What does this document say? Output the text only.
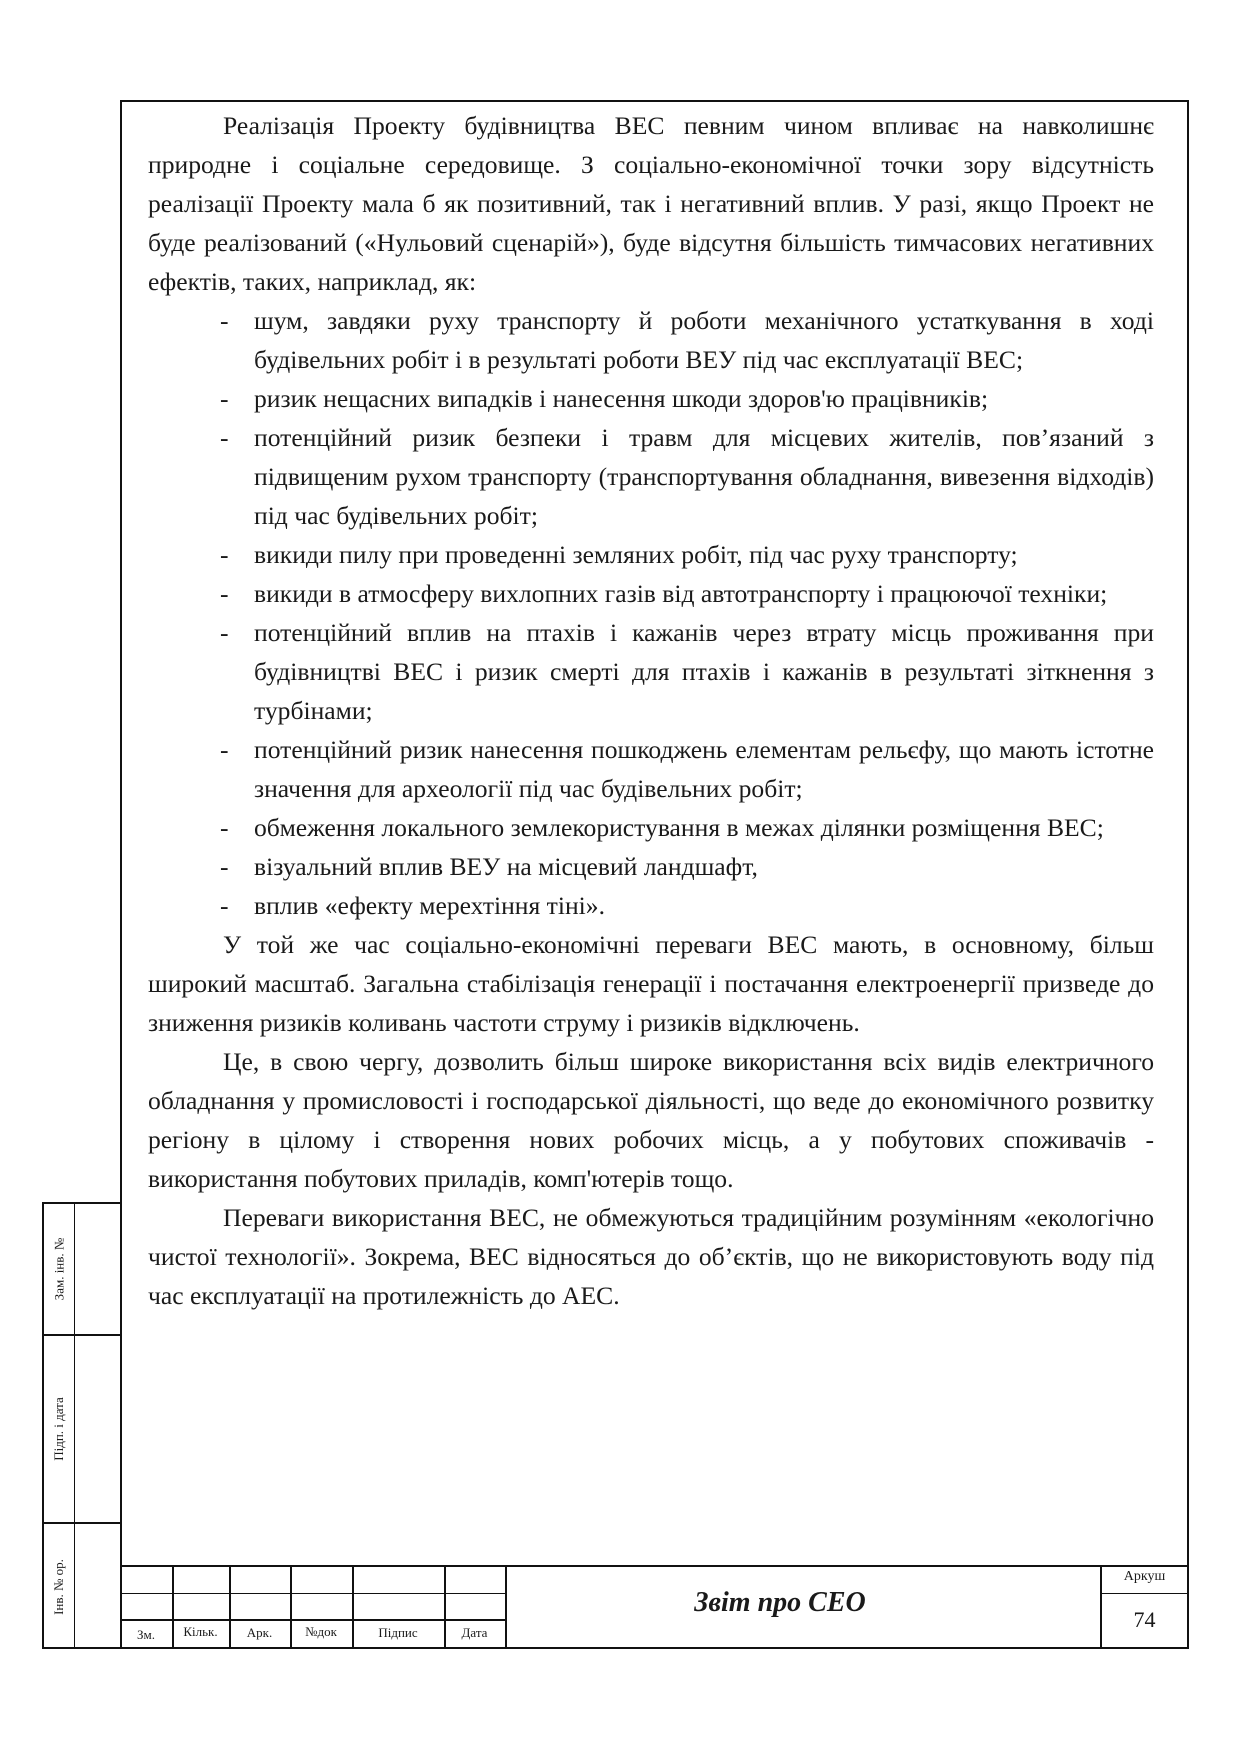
Реалізація Проекту будівництва ВЕС певним чином впливає на навколишнє природне і соціальне середовище. З соціально-економічної точки зору відсутність реалізації Проекту мала б як позитивний, так і негативний вплив. У разі, якщо Проект не буде реалізований («Нульовий сценарій»), буде відсутня більшість тимчасових негативних ефектів, таких, наприклад, як:

- шум, завдяки руху транспорту й роботи механічного устаткування в ході будівельних робіт і в результаті роботи ВЕУ під час експлуатації ВЕС;
- ризик нещасних випадків і нанесення шкоди здоров'ю працівників;
- потенційний ризик безпеки і травм для місцевих жителів, пов’язаний з підвищеним рухом транспорту (транспортування обладнання, вивезення відходів) під час будівельних робіт;
- викиди пилу при проведенні земляних робіт, під час руху транспорту;
- викиди в атмосферу вихлопних газів від автотранспорту і працюючої техніки;
- потенційний вплив на птахів і кажанів через втрату місць проживання при будівництві ВЕС і ризик смерті для птахів і кажанів в результаті зіткнення з турбінами;
- потенційний ризик нанесення пошкоджень елементам рельєфу, що мають істотне значення для археології під час будівельних робіт;
- обмеження локального землекористування в межах ділянки розміщення ВЕС;
- візуальний вплив ВЕУ на місцевий ландшафт,
- вплив «ефекту мерехтіння тіні».

У той же час соціально-економічні переваги ВЕС мають, в основному, більш широкий масштаб. Загальна стабілізація генерації і постачання електроенергії призведе до зниження ризиків коливань частоти струму і ризиків відключень.

Це, в свою чергу, дозволить більш широке використання всіх видів електричного обладнання у промисловості і господарської діяльності, що веде до економічного розвитку регіону в цілому і створення нових робочих місць, а у побутових споживачів - використання побутових приладів, комп'ютерів тощо.

Переваги використання ВЕС, не обмежуються традиційним розумінням «екологічно чистої технології». Зокрема, ВЕС відносяться до об’єктів, що не використовують воду під час експлуатації на протилежність до АЕС.

Зам. інв. №
Підп. і дата
Інв. № ор.
Зм.	Кільк.	Арк.	№док	Підпис	Дата
Звіт про СЕО
Аркуш
74
